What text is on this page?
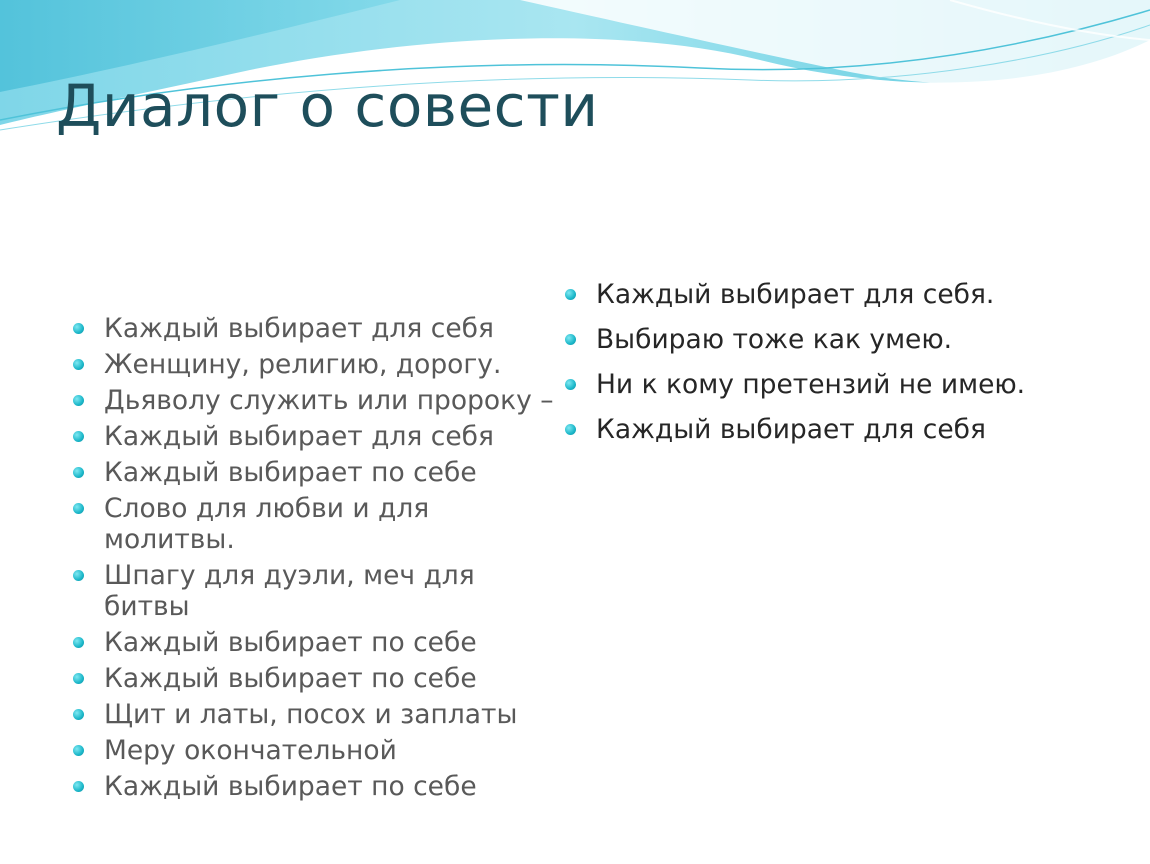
Диалог о совести
Каждый выбирает для себя
Женщину, религию, дорогу.
Дьяволу служить или пророку –
Каждый выбирает для себя
Каждый выбирает по себе
Слово для любви и для молитвы.
Шпагу для дуэли, меч для битвы
Каждый выбирает по себе
Каждый выбирает по себе
Щит и латы, посох и заплаты
Меру окончательной
Каждый выбирает по себе
Каждый выбирает для себя.
Выбираю тоже как умею.
Ни к кому претензий не имею.
Каждый выбирает для себя
